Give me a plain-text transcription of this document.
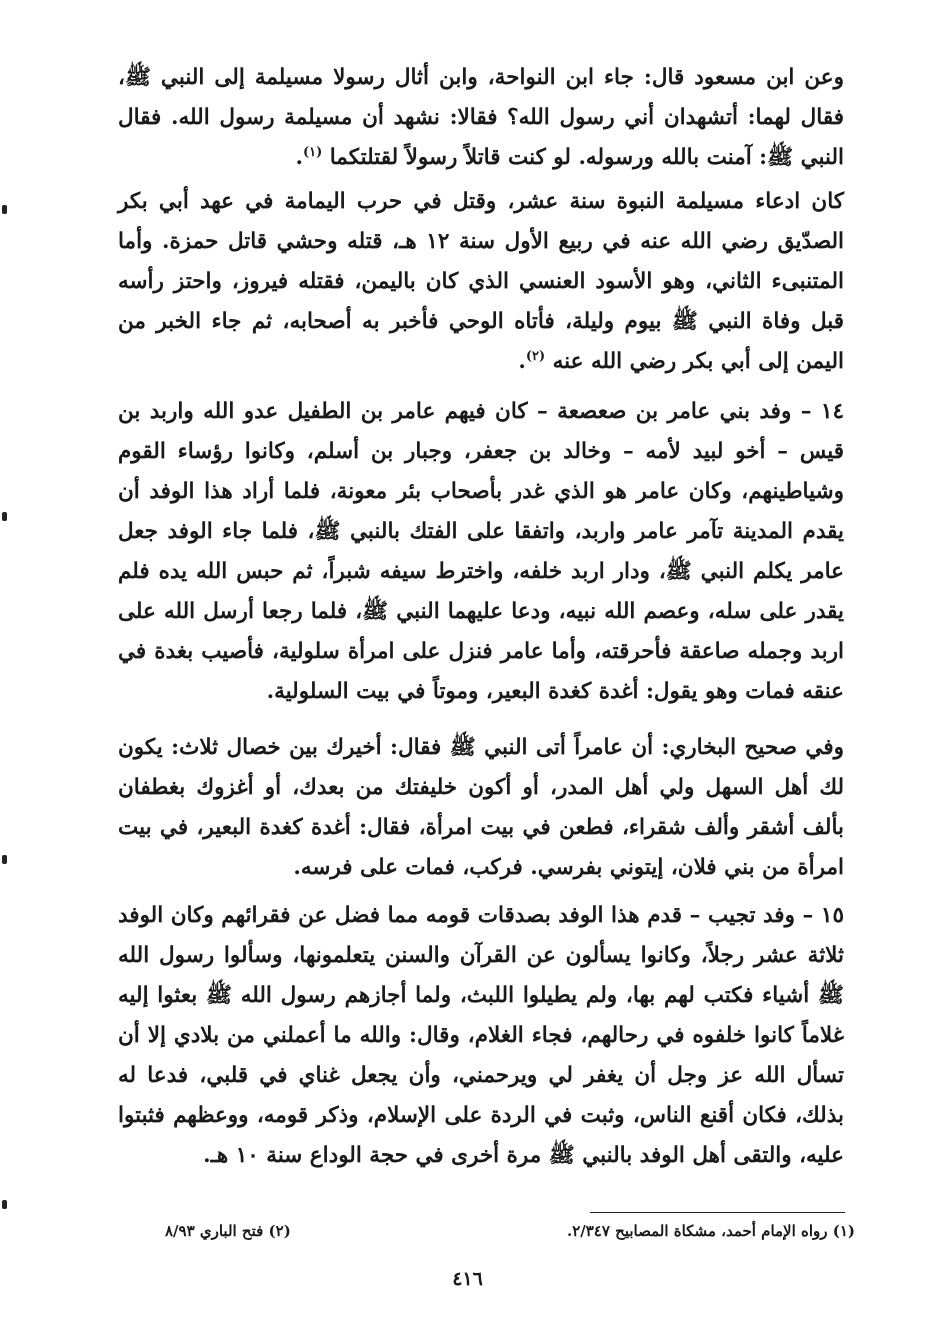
وعن ابن مسعود قال: جاء ابن النواحة، وابن أثال رسولا مسيلمة إلى النبي ﷺ، فقال لهما: أتشهدان أني رسول الله؟ فقالا: نشهد أن مسيلمة رسول الله. فقال النبي ﷺ: آمنت بالله ورسوله. لو كنت قاتلاً رسولاً لقتلتكما $^{(١)}$.

كان ادعاء مسيلمة النبوة سنة عشر، وقتل في حرب اليمامة في عهد أبي بكر الصدّيق رضي الله عنه في ربيع الأول سنة ١٢ هـ، قتله وحشي قاتل حمزة. وأما المتنبىء الثاني، وهو الأسود العنسي الذي كان باليمن، فقتله فيروز، واحتز رأسه قبل وفاة النبي ﷺ بيوم وليلة، فأتاه الوحي فأخبر به أصحابه، ثم جاء الخبر من اليمن إلى أبي بكر رضي الله عنه $^{(٢)}$.

١٤ – وفد بني عامر بن صعصعة – كان فيهم عامر بن الطفيل عدو الله واربد بن قيس – أخو لبيد لأمه – وخالد بن جعفر، وجبار بن أسلم، وكانوا رؤساء القوم وشياطينهم، وكان عامر هو الذي غدر بأصحاب بئر معونة، فلما أراد هذا الوفد أن يقدم المدينة تآمر عامر واربد، واتفقا على الفتك بالنبي ﷺ، فلما جاء الوفد جعل عامر يكلم النبي ﷺ، ودار اربد خلفه، واخترط سيفه شبراً، ثم حبس الله يده فلم يقدر على سله، وعصم الله نبيه، ودعا عليهما النبي ﷺ، فلما رجعا أرسل الله على اربد وجمله صاعقة فأحرقته، وأما عامر فنزل على امرأة سلولية، فأصيب بغدة في عنقه فمات وهو يقول: أغدة كغدة البعير، وموتاً في بيت السلولية.

وفي صحيح البخاري: أن عامراً أتى النبي ﷺ فقال: أخيرك بين خصال ثلاث: يكون لك أهل السهل ولي أهل المدر، أو أكون خليفتك من بعدك، أو أغزوك بغطفان بألف أشقر وألف شقراء، فطعن في بيت امرأة، فقال: أغدة كغدة البعير، في بيت امرأة من بني فلان، إيتوني بفرسي. فركب، فمات على فرسه.

١٥ – وفد تجيب – قدم هذا الوفد بصدقات قومه مما فضل عن فقرائهم وكان الوفد ثلاثة عشر رجلاً، وكانوا يسألون عن القرآن والسنن يتعلمونها، وسألوا رسول الله ﷺ أشياء فكتب لهم بها، ولم يطيلوا اللبث، ولما أجازهم رسول الله ﷺ بعثوا إليه غلاماً كانوا خلفوه في رحالهم، فجاء الغلام، وقال: والله ما أعملني من بلادي إلا أن تسأل الله عز وجل أن يغفر لي ويرحمني، وأن يجعل غناي في قلبي، فدعا له بذلك، فكان أقنع الناس، وثبت في الردة على الإسلام، وذكر قومه، ووعظهم فثبتوا عليه، والتقى أهل الوفد بالنبي ﷺ مرة أخرى في حجة الوداع سنة ١٠ هـ.

(١) رواه الإمام أحمد، مشكاة المصابيح ٢/٣٤٧.
(٢) فتح الباري ٨/٩٣
٤١٦
